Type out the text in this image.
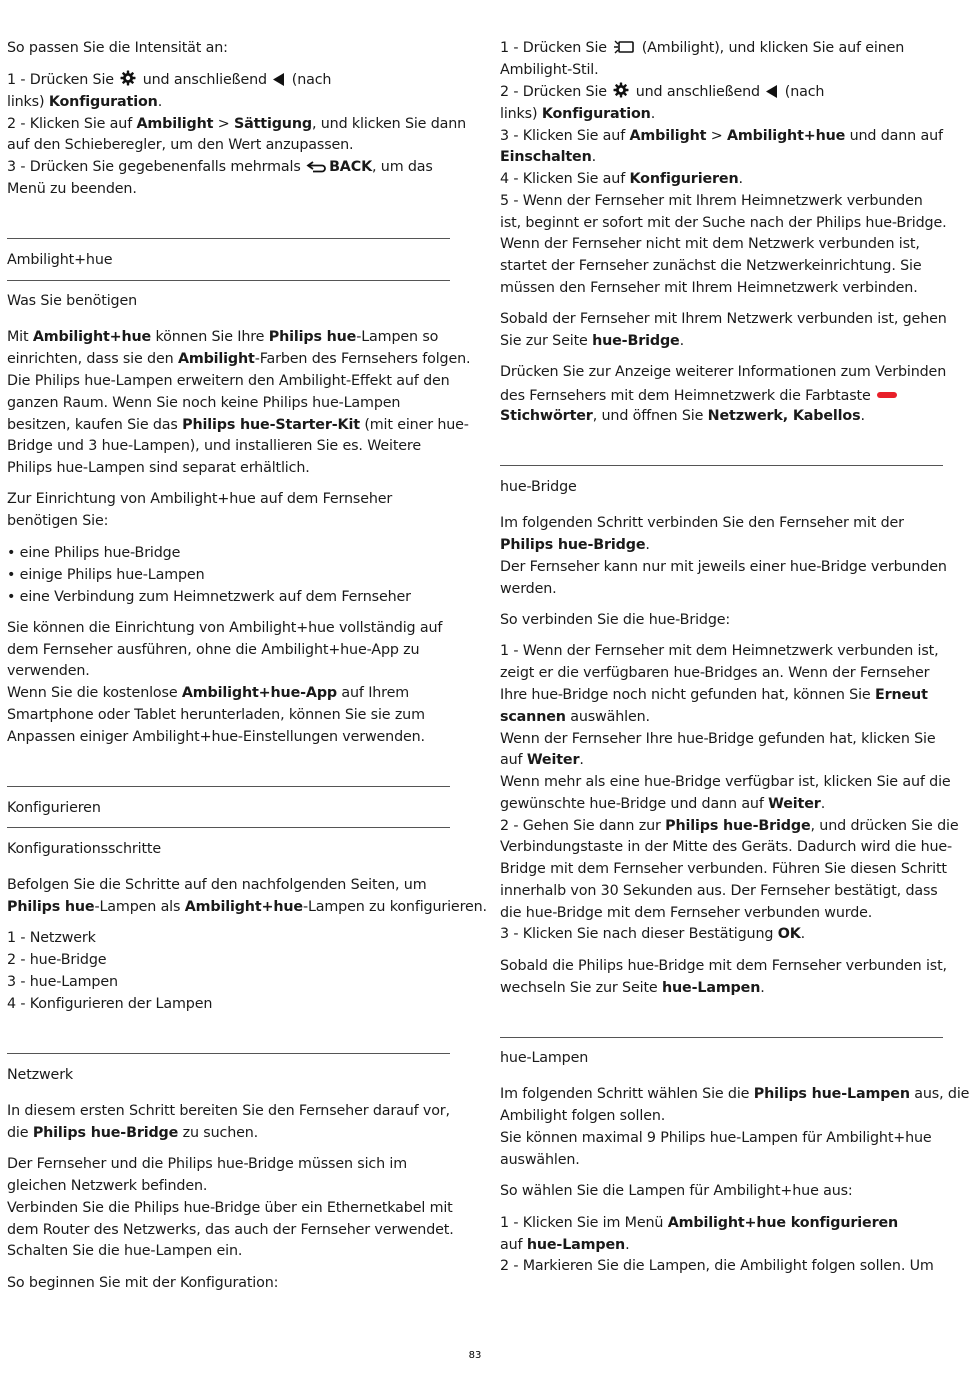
So passen Sie die Intensität an:
1 - Drücken Sie und anschließend (nach
links) Konfiguration.
2 - Klicken Sie auf Ambilight > Sättigung, und klicken Sie dann
auf den Schieberegler, um den Wert anzupassen.
3 - Drücken Sie gegebenenfalls mehrmals BACK, um das
Menü zu beenden.
Ambilight+hue
Was Sie benötigen
Mit Ambilight+hue können Sie Ihre Philips hue-Lampen so
einrichten, dass sie den Ambilight-Farben des Fernsehers folgen.
Die Philips hue-Lampen erweitern den Ambilight-Effekt auf den
ganzen Raum. Wenn Sie noch keine Philips hue-Lampen
besitzen, kaufen Sie das Philips hue-Starter-Kit (mit einer hue-
Bridge und 3 hue-Lampen), und installieren Sie es. Weitere
Philips hue-Lampen sind separat erhältlich.
Zur Einrichtung von Ambilight+hue auf dem Fernseher
benötigen Sie:
• eine Philips hue-Bridge
• einige Philips hue-Lampen
• eine Verbindung zum Heimnetzwerk auf dem Fernseher
Sie können die Einrichtung von Ambilight+hue vollständig auf
dem Fernseher ausführen, ohne die Ambilight+hue-App zu
verwenden.
Wenn Sie die kostenlose Ambilight+hue-App auf Ihrem
Smartphone oder Tablet herunterladen, können Sie sie zum
Anpassen einiger Ambilight+hue-Einstellungen verwenden.
Konfigurieren
Konfigurationsschritte
Befolgen Sie die Schritte auf den nachfolgenden Seiten, um
Philips hue-Lampen als Ambilight+hue-Lampen zu konfigurieren.
1 - Netzwerk
2 - hue-Bridge
3 - hue-Lampen
4 - Konfigurieren der Lampen
Netzwerk
In diesem ersten Schritt bereiten Sie den Fernseher darauf vor,
die Philips hue-Bridge zu suchen.
Der Fernseher und die Philips hue-Bridge müssen sich im
gleichen Netzwerk befinden.
Verbinden Sie die Philips hue-Bridge über ein Ethernetkabel mit
dem Router des Netzwerks, das auch der Fernseher verwendet.
Schalten Sie die hue-Lampen ein.
So beginnen Sie mit der Konfiguration:
1 - Drücken Sie (Ambilight), und klicken Sie auf einen
Ambilight-Stil.
2 - Drücken Sie und anschließend (nach
links) Konfiguration.
3 - Klicken Sie auf Ambilight > Ambilight+hue und dann auf
Einschalten.
4 - Klicken Sie auf Konfigurieren.
5 - Wenn der Fernseher mit Ihrem Heimnetzwerk verbunden
ist, beginnt er sofort mit der Suche nach der Philips hue-Bridge.
Wenn der Fernseher nicht mit dem Netzwerk verbunden ist,
startet der Fernseher zunächst die Netzwerkeinrichtung. Sie
müssen den Fernseher mit Ihrem Heimnetzwerk verbinden.
Sobald der Fernseher mit Ihrem Netzwerk verbunden ist, gehen
Sie zur Seite hue-Bridge.
Drücken Sie zur Anzeige weiterer Informationen zum Verbinden
des Fernsehers mit dem Heimnetzwerk die Farbtaste
Stichwörter, und öffnen Sie Netzwerk, Kabellos.
hue-Bridge
Im folgenden Schritt verbinden Sie den Fernseher mit der
Philips hue-Bridge.
Der Fernseher kann nur mit jeweils einer hue-Bridge verbunden
werden.
So verbinden Sie die hue-Bridge:
1 - Wenn der Fernseher mit dem Heimnetzwerk verbunden ist,
zeigt er die verfügbaren hue-Bridges an. Wenn der Fernseher
Ihre hue-Bridge noch nicht gefunden hat, können Sie Erneut
scannen auswählen.
Wenn der Fernseher Ihre hue-Bridge gefunden hat, klicken Sie
auf Weiter.
Wenn mehr als eine hue-Bridge verfügbar ist, klicken Sie auf die
gewünschte hue-Bridge und dann auf Weiter.
2 - Gehen Sie dann zur Philips hue-Bridge, und drücken Sie die
Verbindungstaste in der Mitte des Geräts. Dadurch wird die hue-
Bridge mit dem Fernseher verbunden. Führen Sie diesen Schritt
innerhalb von 30 Sekunden aus. Der Fernseher bestätigt, dass
die hue-Bridge mit dem Fernseher verbunden wurde.
3 - Klicken Sie nach dieser Bestätigung OK.
Sobald die Philips hue-Bridge mit dem Fernseher verbunden ist,
wechseln Sie zur Seite hue-Lampen.
hue-Lampen
Im folgenden Schritt wählen Sie die Philips hue-Lampen aus, die
Ambilight folgen sollen.
Sie können maximal 9 Philips hue-Lampen für Ambilight+hue
auswählen.
So wählen Sie die Lampen für Ambilight+hue aus:
1 - Klicken Sie im Menü Ambilight+hue konfigurieren
auf hue-Lampen.
2 - Markieren Sie die Lampen, die Ambilight folgen sollen. Um
83
